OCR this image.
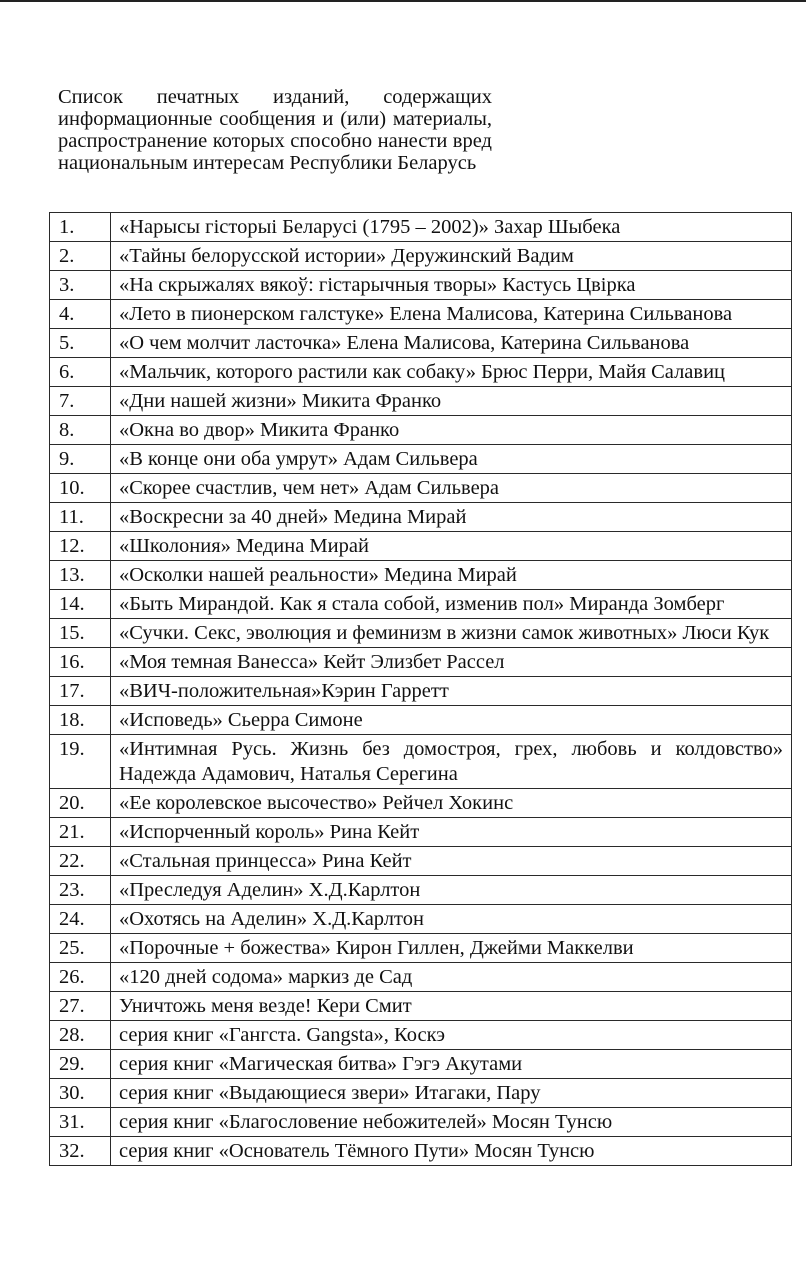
Список печатных изданий, содержащих информационные сообщения и (или) материалы, распространение которых способно нанести вред национальным интересам Республики Беларусь
1.	«Нарысы гісторыі Беларусі (1795 – 2002)» Захар Шыбека
2.	«Тайны белорусской истории» Деружинский Вадим
3.	«На скрыжалях вякоў: гістарычныя творы» Кастусь Цвірка
4.	«Лето в пионерском галстуке» Елена Малисова, Катерина Сильванова
5.	«О чем молчит ласточка» Елена Малисова, Катерина Сильванова
6.	«Мальчик, которого растили как собаку» Брюс Перри, Майя Салавиц
7.	«Дни нашей жизни» Микита Франко
8.	«Окна во двор» Микита Франко
9.	«В конце они оба умрут» Адам Сильвера
10.	«Скорее счастлив, чем нет» Адам Сильвера
11.	«Воскресни за 40 дней» Медина Мирай
12.	«Школония» Медина Мирай
13.	«Осколки нашей реальности» Медина Мирай
14.	«Быть Мирандой. Как я стала собой, изменив пол» Миранда Зомберг
15.	«Сучки. Секс, эволюция и феминизм в жизни самок животных» Люси Кук
16.	«Моя темная Ванесса» Кейт Элизбет Рассел
17.	«ВИЧ-положительная»Кэрин Гарретт
18.	«Исповедь» Сьерра Симоне
19.	«Интимная Русь. Жизнь без домостроя, грех, любовь и колдовство» Надежда Адамович, Наталья Серегина
20.	«Ее королевское высочество» Рейчел Хокинс
21.	«Испорченный король» Рина Кейт
22.	«Стальная принцесса» Рина Кейт
23.	«Преследуя Аделин» Х.Д.Карлтон
24.	«Охотясь на Аделин» Х.Д.Карлтон
25.	«Порочные + божества» Кирон Гиллен, Джейми Маккелви
26.	«120 дней содома» маркиз де Сад
27.	Уничтожь меня везде! Кери Смит
28.	серия книг «Гангста. Gangsta», Коскэ
29.	серия книг «Магическая битва» Гэгэ Акутами
30.	серия книг «Выдающиеся звери» Итагаки, Пару
31.	серия книг «Благословение небожителей» Мосян Тунсю
32.	серия книг «Основатель Тёмного Пути» Мосян Тунсю
